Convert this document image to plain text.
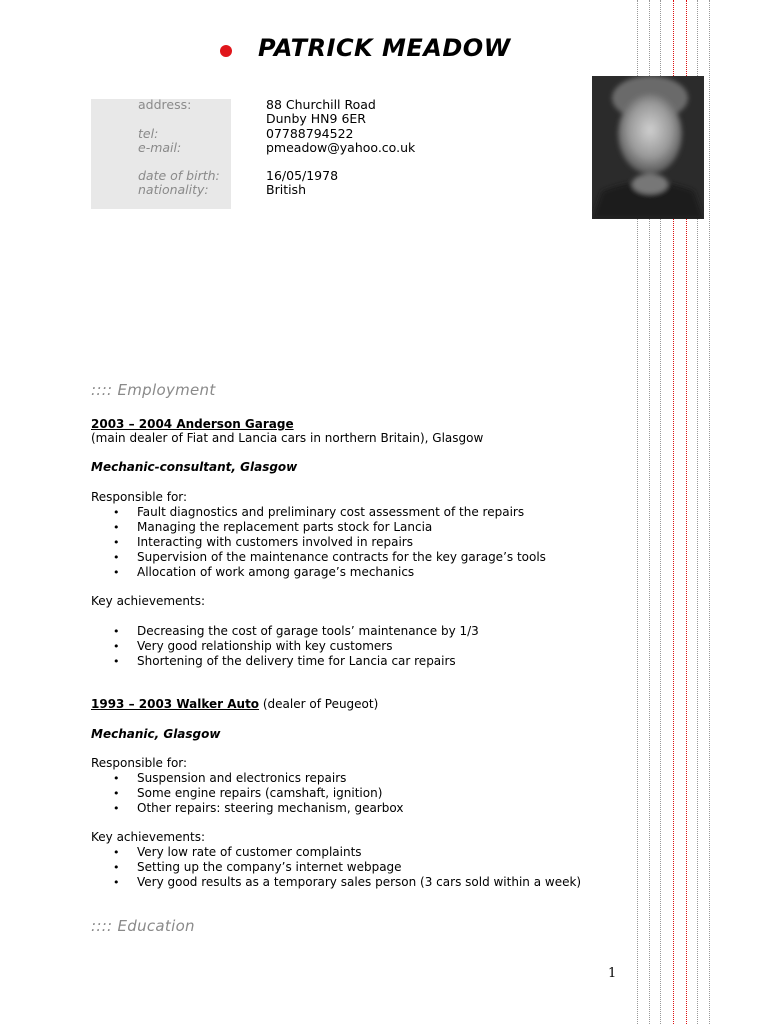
PATRICK MEADOW
address:
tel:
e-mail:
date of birth:
nationality:
88 Churchill Road
Dunby HN9 6ER
07788794522
pmeadow@yahoo.co.uk
16/05/1978
British
:::: Employment
2003 – 2004 Anderson Garage
(main dealer of Fiat and Lancia cars in northern Britain), Glasgow
Mechanic-consultant, Glasgow
Responsible for:
• Fault diagnostics and preliminary cost assessment of the repairs
• Managing the replacement parts stock for Lancia
• Interacting with customers involved in repairs
• Supervision of the maintenance contracts for the key garage’s tools
• Allocation of work among garage’s mechanics
Key achievements:
• Decreasing the cost of garage tools’ maintenance by 1/3
• Very good relationship with key customers
• Shortening of the delivery time for Lancia car repairs
1993 – 2003 Walker Auto (dealer of Peugeot)
Mechanic, Glasgow
Responsible for:
• Suspension and electronics repairs
• Some engine repairs (camshaft, ignition)
• Other repairs: steering mechanism, gearbox
Key achievements:
• Very low rate of customer complaints
• Setting up the company’s internet webpage
• Very good results as a temporary sales person (3 cars sold within a week)
:::: Education
1
